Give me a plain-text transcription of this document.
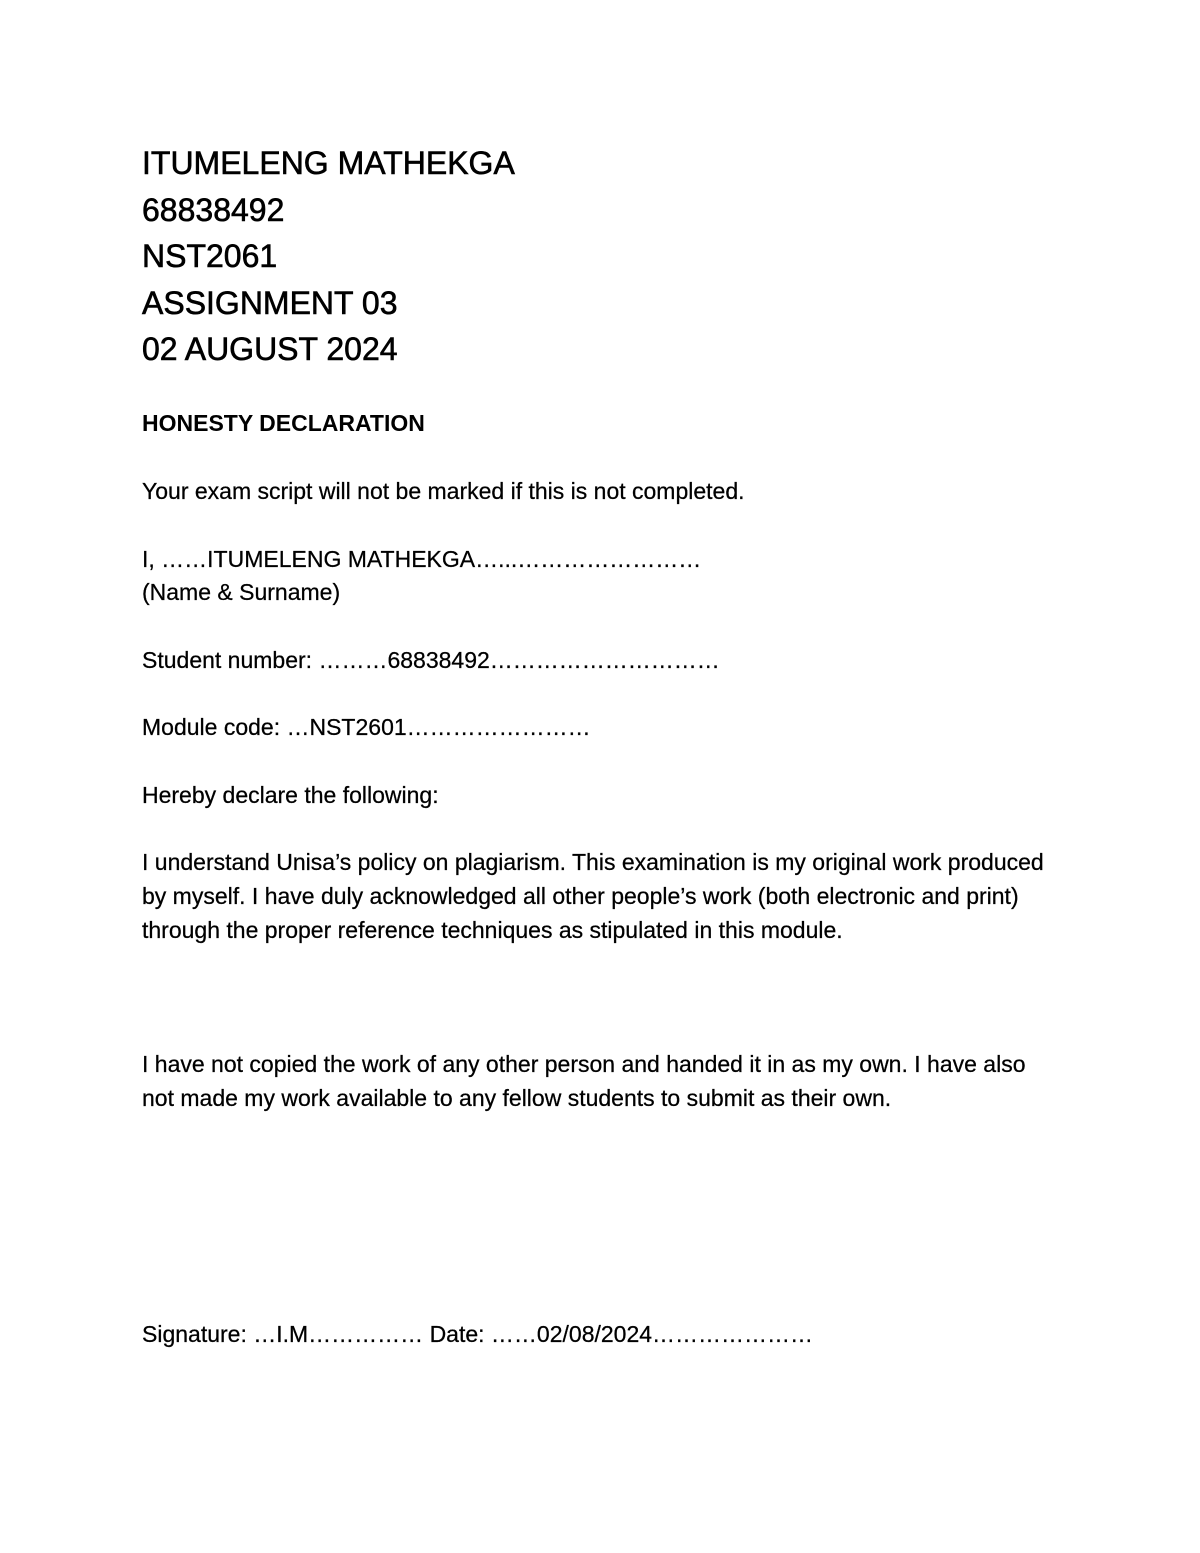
ITUMELENG MATHEKGA
68838492
NST2061
ASSIGNMENT 03
02 AUGUST 2024
HONESTY DECLARATION
Your exam script will not be marked if this is not completed.
I, ……ITUMELENG MATHEKGA…...……………………
(Name & Surname)
Student number: ………68838492…………………………
Module code: …NST2601……………………
Hereby declare the following:
I understand Unisa’s policy on plagiarism. This examination is my original work produced by myself. I have duly acknowledged all other people’s work (both electronic and print) through the proper reference techniques as stipulated in this module.
I have not copied the work of any other person and handed it in as my own. I have also not made my work available to any fellow students to submit as their own.
Signature: …I.M…………… Date: ……02/08/2024…………………
